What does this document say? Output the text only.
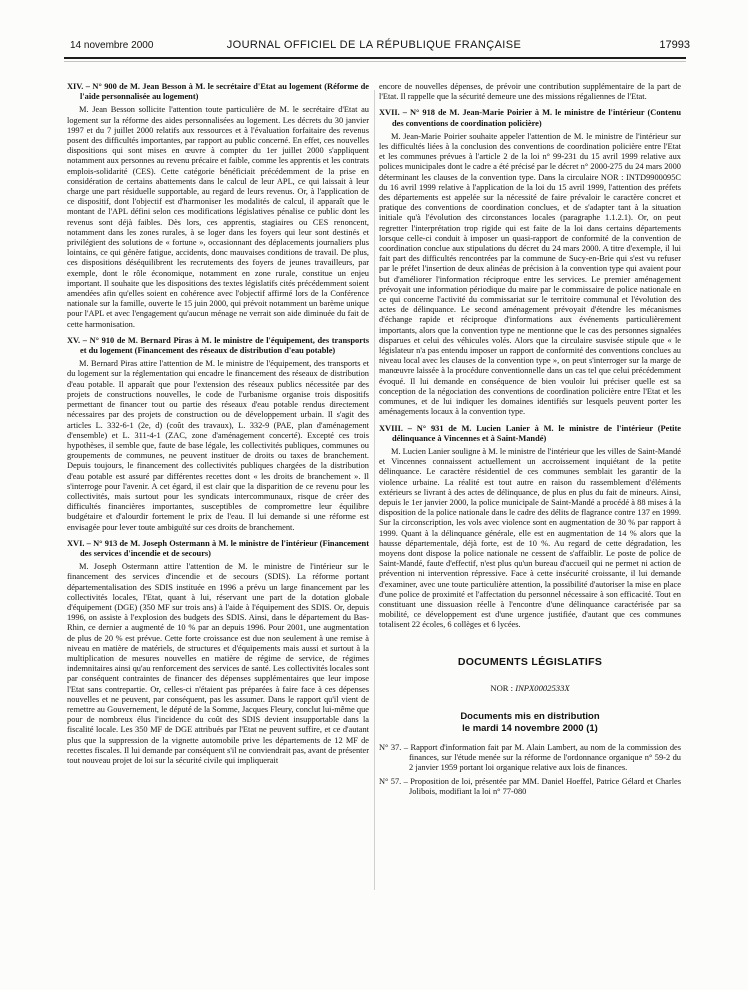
14 novembre 2000	JOURNAL OFFICIEL DE LA RÉPUBLIQUE FRANÇAISE	17993
XIV. – N° 900 de M. Jean Besson à M. le secrétaire d'Etat au logement (Réforme de l'aide personnalisée au logement)

M. Jean Besson sollicite l'attention toute particulière de M. le secrétaire d'Etat au logement sur la réforme des aides personnalisées au logement. Les décrets du 30 janvier 1997 et du 7 juillet 2000 relatifs aux ressources et à l'évaluation forfaitaire des revenus posent des difficultés importantes, par rapport au public concerné. En effet, ces nouvelles dispositions qui sont mises en œuvre à compter du 1er juillet 2000 s'appliquent notamment aux personnes au revenu précaire et faible, comme les apprentis et les contrats emplois-solidarité (CES). Cette catégorie bénéficiait précédemment de la prise en considération de certains abattements dans le calcul de leur APL, ce qui laissait à leur charge une part résiduelle supportable, au regard de leurs revenus. Or, à l'application de ce dispositif, dont l'objectif est d'harmoniser les modalités de calcul, il apparaît que le montant de l'APL défini selon ces modifications législatives pénalise ce public dont les revenus sont déjà faibles. Dès lors, ces apprentis, stagiaires ou CES renoncent, notamment dans les zones rurales, à se loger dans les foyers qui leur sont destinés et privilégient des solutions de « fortune », occasionnant des déplacements journaliers plus lointains, ce qui génère fatigue, accidents, donc mauvaises conditions de travail. De plus, ces dispositions déséquilibrent les recrutements des foyers de jeunes travailleurs, par exemple, dont le rôle économique, notamment en zone rurale, constitue un enjeu important. Il souhaite que les dispositions des textes législatifs cités précédemment soient amendées afin qu'elles soient en cohérence avec l'objectif affirmé lors de la Conférence nationale sur la famille, ouverte le 15 juin 2000, qui prévoit notamment un barème unique pour l'APL et avec l'engagement qu'aucun ménage ne verrait son aide diminuée du fait de cette harmonisation.

XV. – N° 910 de M. Bernard Piras à M. le ministre de l'équipement, des transports et du logement (Financement des réseaux de distribution d'eau potable)

M. Bernard Piras attire l'attention de M. le ministre de l'équipement, des transports et du logement sur la réglementation qui encadre le financement des réseaux de distribution d'eau potable. Il apparaît que pour l'extension des réseaux publics nécessitée par des projets de constructions nouvelles, le code de l'urbanisme organise trois dispositifs permettant de financer tout ou partie des réseaux d'eau potable rendus directement nécessaires par des projets de construction ou de développement urbain. Il s'agit des articles L. 332-6-1 (2e, d) (coût des travaux), L. 332-9 (PAE, plan d'aménagement d'ensemble) et L. 311-4-1 (ZAC, zone d'aménagement concerté). Excepté ces trois hypothèses, il semble que, faute de base légale, les collectivités publiques, communes ou groupements de communes, ne peuvent instituer de droits ou taxes de branchement. Depuis toujours, le financement des collectivités publiques chargées de la distribution d'eau potable est assuré par différentes recettes dont « les droits de branchement ». Il s'interroge pour l'avenir. A cet égard, il est clair que la disparition de ce revenu pour les collectivités, mais surtout pour les syndicats intercommunaux, risque de créer des difficultés financières importantes, susceptibles de compromettre leur équilibre budgétaire et d'alourdir fortement le prix de l'eau. Il lui demande si une réforme est envisagée pour lever toute ambiguïté sur ces droits de branchement.

XVI. – N° 913 de M. Joseph Ostermann à M. le ministre de l'intérieur (Financement des services d'incendie et de secours)

M. Joseph Ostermann attire l'attention de M. le ministre de l'intérieur sur le financement des services d'incendie et de secours (SDIS). La réforme portant départementalisation des SDIS instituée en 1996 a prévu un large financement par les collectivités locales, l'Etat, quant à lui, réservant une part de la dotation globale d'équipement (DGE) (350 MF sur trois ans) à l'aide à l'équipement des SDIS. Or, depuis 1996, on assiste à l'explosion des budgets des SDIS. Ainsi, dans le département du Bas-Rhin, ce dernier a augmenté de 10 % par an depuis 1996. Pour 2001, une augmentation de plus de 20 % est prévue. Cette forte croissance est due non seulement à une remise à niveau en matière de matériels, de structures et d'équipements mais aussi et surtout à la multiplication de mesures nouvelles en matière de régime de service, de régimes indemnitaires ainsi qu'au renforcement des services de santé. Les collectivités locales sont par conséquent contraintes de financer des dépenses supplémentaires que leur impose l'Etat sans contrepartie. Or, celles-ci n'étaient pas préparées à faire face à ces dépenses nouvelles et ne peuvent, par conséquent, pas les assumer. Dans le rapport qu'il vient de remettre au Gouvernement, le député de la Somme, Jacques Fleury, conclut lui-même que pour de nombreux élus l'incidence du coût des SDIS devient insupportable dans la fiscalité locale. Les 350 MF de DGE attribués par l'Etat ne peuvent suffire, et ce d'autant plus que la suppression de la vignette automobile prive les départements de 12 MF de recettes fiscales. Il lui demande par conséquent s'il ne conviendrait pas, avant de présenter tout nouveau projet de loi sur la sécurité civile qui impliquerait

encore de nouvelles dépenses, de prévoir une contribution supplémentaire de la part de l'Etat. Il rappelle que la sécurité demeure une des missions régaliennes de l'Etat.

XVII. – N° 918 de M. Jean-Marie Poirier à M. le ministre de l'intérieur (Contenu des conventions de coordination policière)

M. Jean-Marie Poirier souhaite appeler l'attention de M. le ministre de l'intérieur sur les difficultés liées à la conclusion des conventions de coordination policière entre l'Etat et les communes prévues à l'article 2 de la loi n° 99-231 du 15 avril 1999 relative aux polices municipales dont le cadre a été précisé par le décret n° 2000-275 du 24 mars 2000 déterminant les clauses de la convention type. Dans la circulaire NOR : INTD9900095C du 16 avril 1999 relative à l'application de la loi du 15 avril 1999, l'attention des préfets des départements est appelée sur la nécessité de faire prévaloir le caractère concret et pratique des conventions de coordination conclues, et de s'adapter tant à la situation initiale qu'à l'évolution des circonstances locales (paragraphe 1.1.2.1). Or, on peut regretter l'interprétation trop rigide qui est faite de la loi dans certains départements lorsque celle-ci conduit à imposer un quasi-rapport de conformité de la convention de coordination conclue aux stipulations du décret du 24 mars 2000. A titre d'exemple, il lui fait part des difficultés rencontrées par la commune de Sucy-en-Brie qui s'est vu refuser par le préfet l'insertion de deux alinéas de précision à la convention type qui avaient pour but d'améliorer l'information réciproque entre les services. Le premier aménagement prévoyait une information périodique du maire par le commissaire de police nationale en ce qui concerne l'activité du commissariat sur le territoire communal et l'évolution des actes de délinquance. Le second aménagement prévoyait d'étendre les mécanismes d'échange rapide et réciproque d'informations aux événements particulièrement importants, alors que la convention type ne mentionne que le cas des personnes signalées disparues et celui des véhicules volés. Alors que la circulaire susvisée stipule que « le législateur n'a pas entendu imposer un rapport de conformité des conventions conclues au niveau local avec les clauses de la convention type », on peut s'interroger sur la marge de manœuvre laissée à la procédure conventionnelle dans un cas tel que celui précédemment évoqué. Il lui demande en conséquence de bien vouloir lui préciser quelle est sa conception de la négociation des conventions de coordination policière entre l'Etat et les communes, et de lui indiquer les domaines identifiés sur lesquels peuvent porter les aménagements locaux à la convention type.

XVIII. – N° 931 de M. Lucien Lanier à M. le ministre de l'intérieur (Petite délinquance à Vincennes et à Saint-Mandé)

M. Lucien Lanier souligne à M. le ministre de l'intérieur que les villes de Saint-Mandé et Vincennes connaissent actuellement un accroissement inquiétant de la petite délinquance. Le caractère résidentiel de ces communes semblait les garantir de la violence urbaine. La réalité est tout autre en raison du rassemblement d'éléments extérieurs se livrant à des actes de délinquance, de plus en plus du fait de mineurs. Ainsi, depuis le 1er janvier 2000, la police municipale de Saint-Mandé a procédé à 88 mises à la disposition de la police nationale dans le cadre des délits de flagrance contre 137 en 1999. Sur la circonscription, les vols avec violence sont en augmentation de 30 % par rapport à 1999. Quant à la délinquance générale, elle est en augmentation de 14 % alors que la hausse départementale, déjà forte, est de 10 %. Au regard de cette dégradation, les moyens dont dispose la police nationale ne cessent de s'affaiblir. Le poste de police de Saint-Mandé, faute d'effectif, n'est plus qu'un bureau d'accueil qui ne permet ni action de prévention ni intervention répressive. Face à cette insécurité croissante, il lui demande d'examiner, avec une toute particulière attention, la possibilité d'autoriser la mise en place d'une police de proximité et l'affectation du personnel nécessaire à son efficacité. Tout en constituant une dissuasion réelle à l'encontre d'une délinquance caractérisée par sa mobilité, ce développement est d'une urgence justifiée, d'autant que ces communes totalisent 22 écoles, 6 collèges et 6 lycées.

DOCUMENTS LÉGISLATIFS
NOR : INPX0002533X
Documents mis en distribution
le mardi 14 novembre 2000 (1)
N° 37. – Rapport d'information fait par M. Alain Lambert, au nom de la commission des finances, sur l'étude menée sur la réforme de l'ordonnance organique n° 59-2 du 2 janvier 1959 portant loi organique relative aux lois de finances.
N° 57. – Proposition de loi, présentée par MM. Daniel Hoeffel, Patrice Gélard et Charles Jolibois, modifiant la loi n° 77-080
